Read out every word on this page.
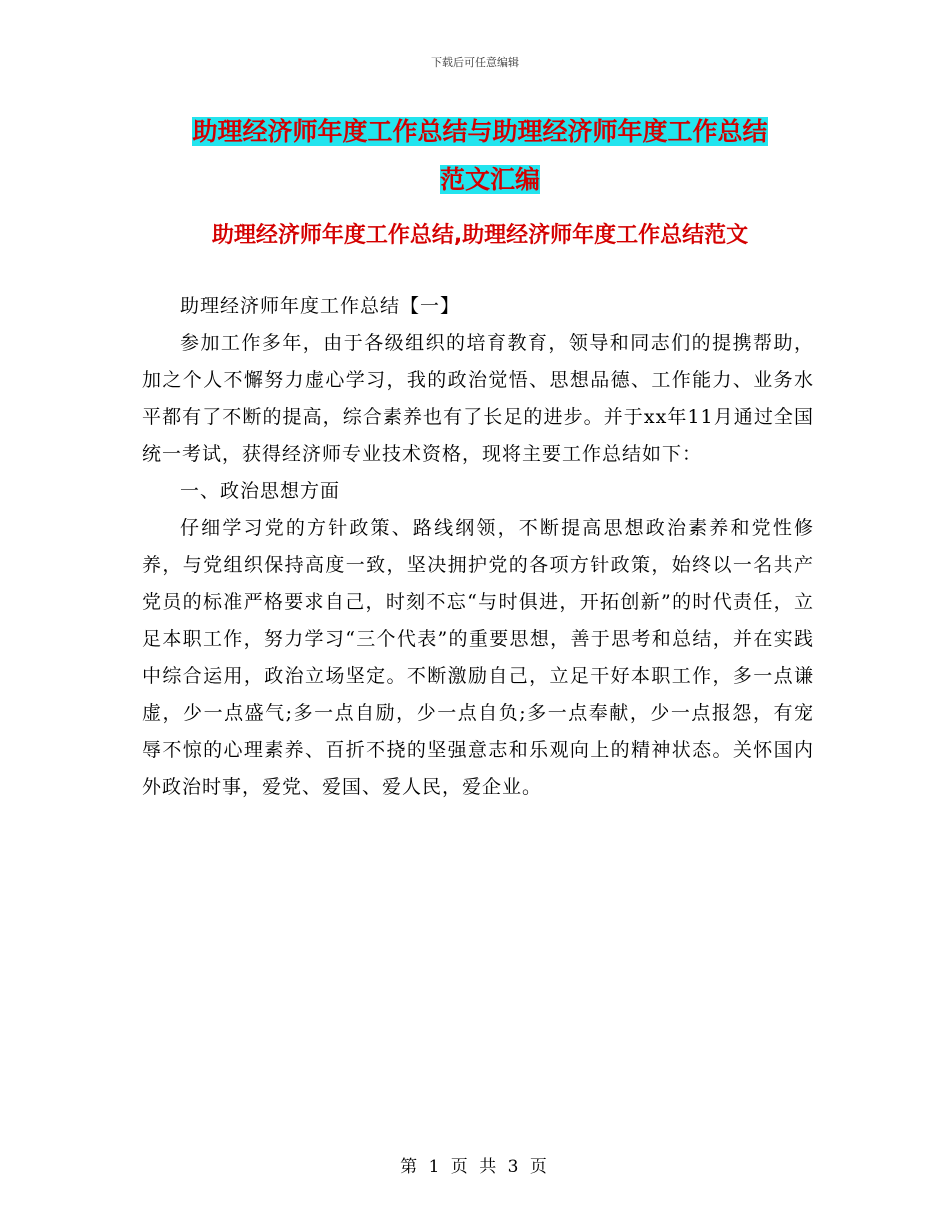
下载后可任意编辑
助理经济师年度工作总结与助理经济师年度工作总结
范文汇编
助理经济师年度工作总结,助理经济师年度工作总结范文

助理经济师年度工作总结【一】

参加工作多年，由于各级组织的培育教育，领导和同志们的提携帮助，加之个人不懈努力虚心学习，我的政治觉悟、思想品德、工作能力、业务水平都有了不断的提高，综合素养也有了长足的进步。并于xx年11月通过全国统一考试，获得经济师专业技术资格，现将主要工作总结如下：

一、政治思想方面

仔细学习党的方针政策、路线纲领，不断提高思想政治素养和党性修养，与党组织保持高度一致，坚决拥护党的各项方针政策，始终以一名共产党员的标准严格要求自己，时刻不忘“与时俱进，开拓创新”的时代责任，立足本职工作，努力学习“三个代表”的重要思想，善于思考和总结，并在实践中综合运用，政治立场坚定。不断激励自己，立足干好本职工作，多一点谦虚，少一点盛气;多一点自励，少一点自负;多一点奉献，少一点报怨，有宠辱不惊的心理素养、百折不挠的坚强意志和乐观向上的精神状态。关怀国内外政治时事，爱党、爱国、爱人民，爱企业。

第 1 页 共 3 页
